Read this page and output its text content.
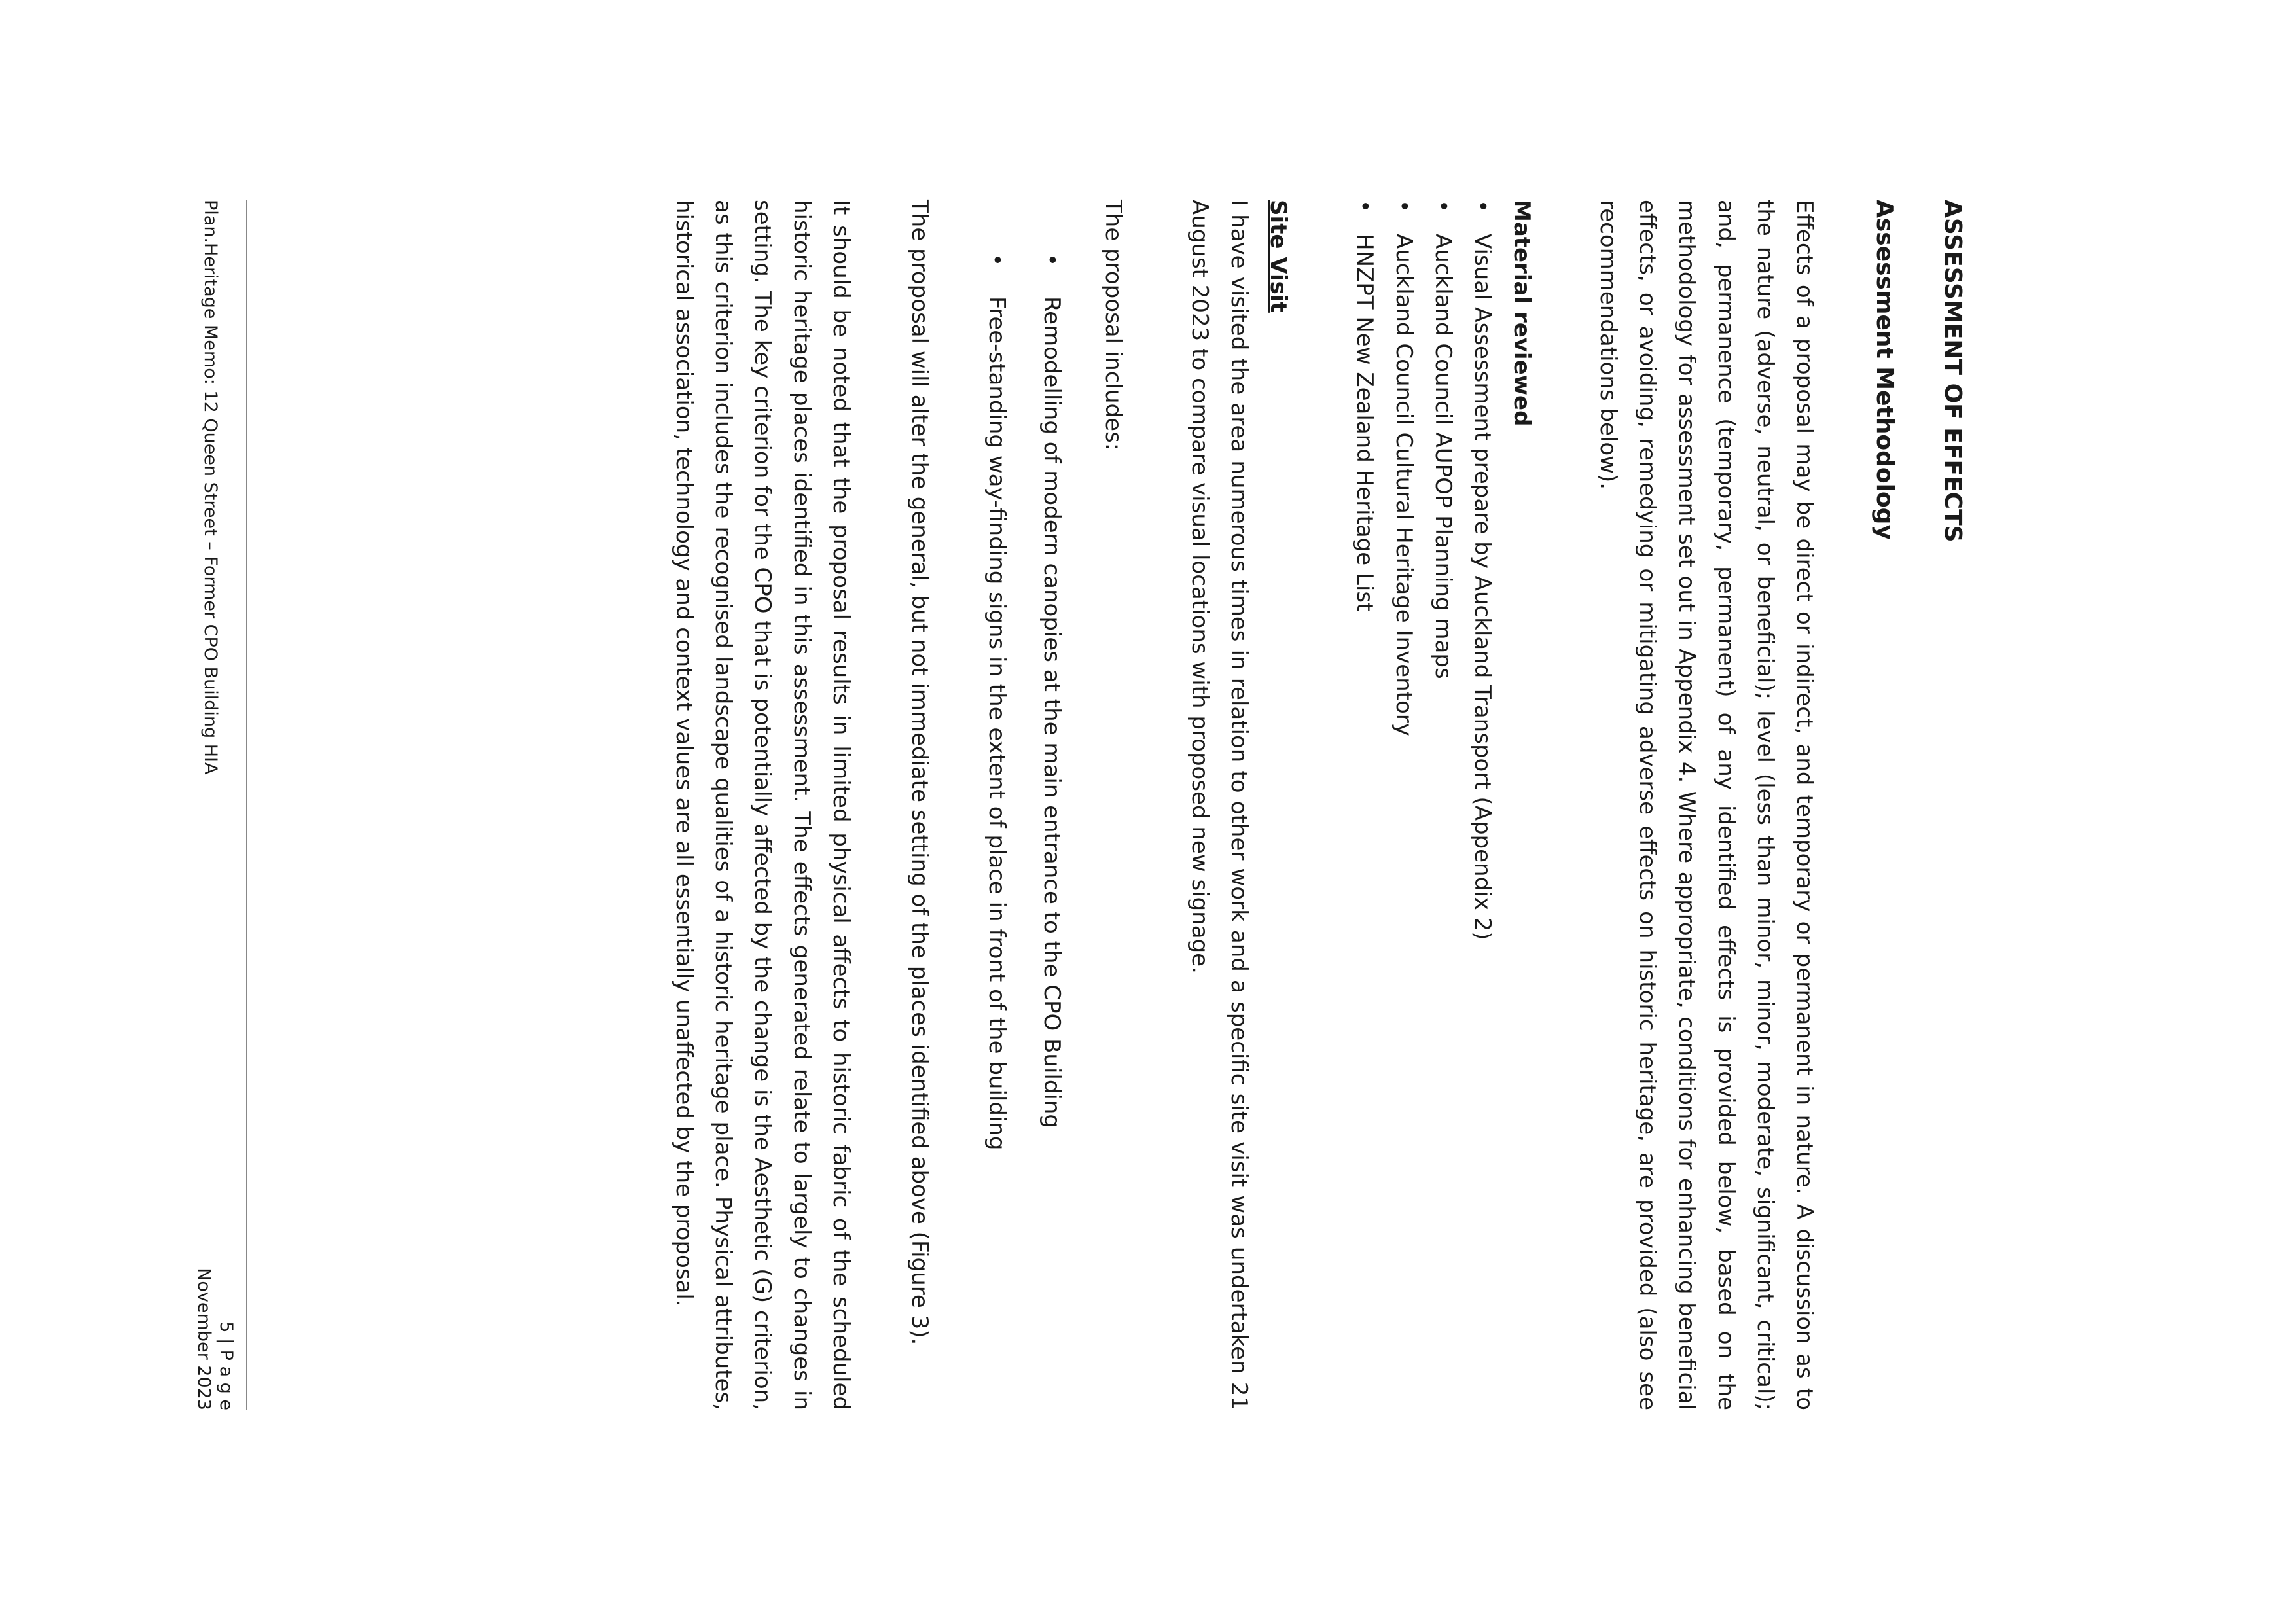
ASSESSMENT OF EFFECTS
Assessment Methodology

Effects of a proposal may be direct or indirect, and temporary or permanent in nature. A discussion as to the nature (adverse, neutral, or beneficial); level (less than minor, minor, moderate, significant, critical); and, permanence (temporary, permanent) of any identified effects is provided below, based on the methodology for assessment set out in Appendix 4. Where appropriate, conditions for enhancing beneficial effects, or avoiding, remedying or mitigating adverse effects on historic heritage, are provided (also see recommendations below).

Material reviewed
• Visual Assessment prepare by Auckland Transport (Appendix 2)
• Auckland Council AUPOP Planning maps
• Auckland Council Cultural Heritage Inventory
• HNZPT New Zealand Heritage List
Site Visit

I have visited the area numerous times in relation to other work and a specific site visit was undertaken 21 August 2023 to compare visual locations with proposed new signage.

The proposal includes:

• Remodelling of modern canopies at the main entrance to the CPO Building
• Free-standing way-finding signs in the extent of place in front of the building

The proposal will alter the general, but not immediate setting of the places identified above (Figure 3).

It should be noted that the proposal results in limited physical affects to historic fabric of the scheduled historic heritage places identified in this assessment. The effects generated relate to largely to changes in setting. The key criterion for the CPO that is potentially affected by the change is the Aesthetic (G) criterion, as this criterion includes the recognised landscape qualities of a historic heritage place. Physical attributes, historical association, technology and context values are all essentially unaffected by the proposal.

Plan.Heritage Memo: 12 Queen Street – Former CPO Building HIA
5 | P a g e
November 2023
